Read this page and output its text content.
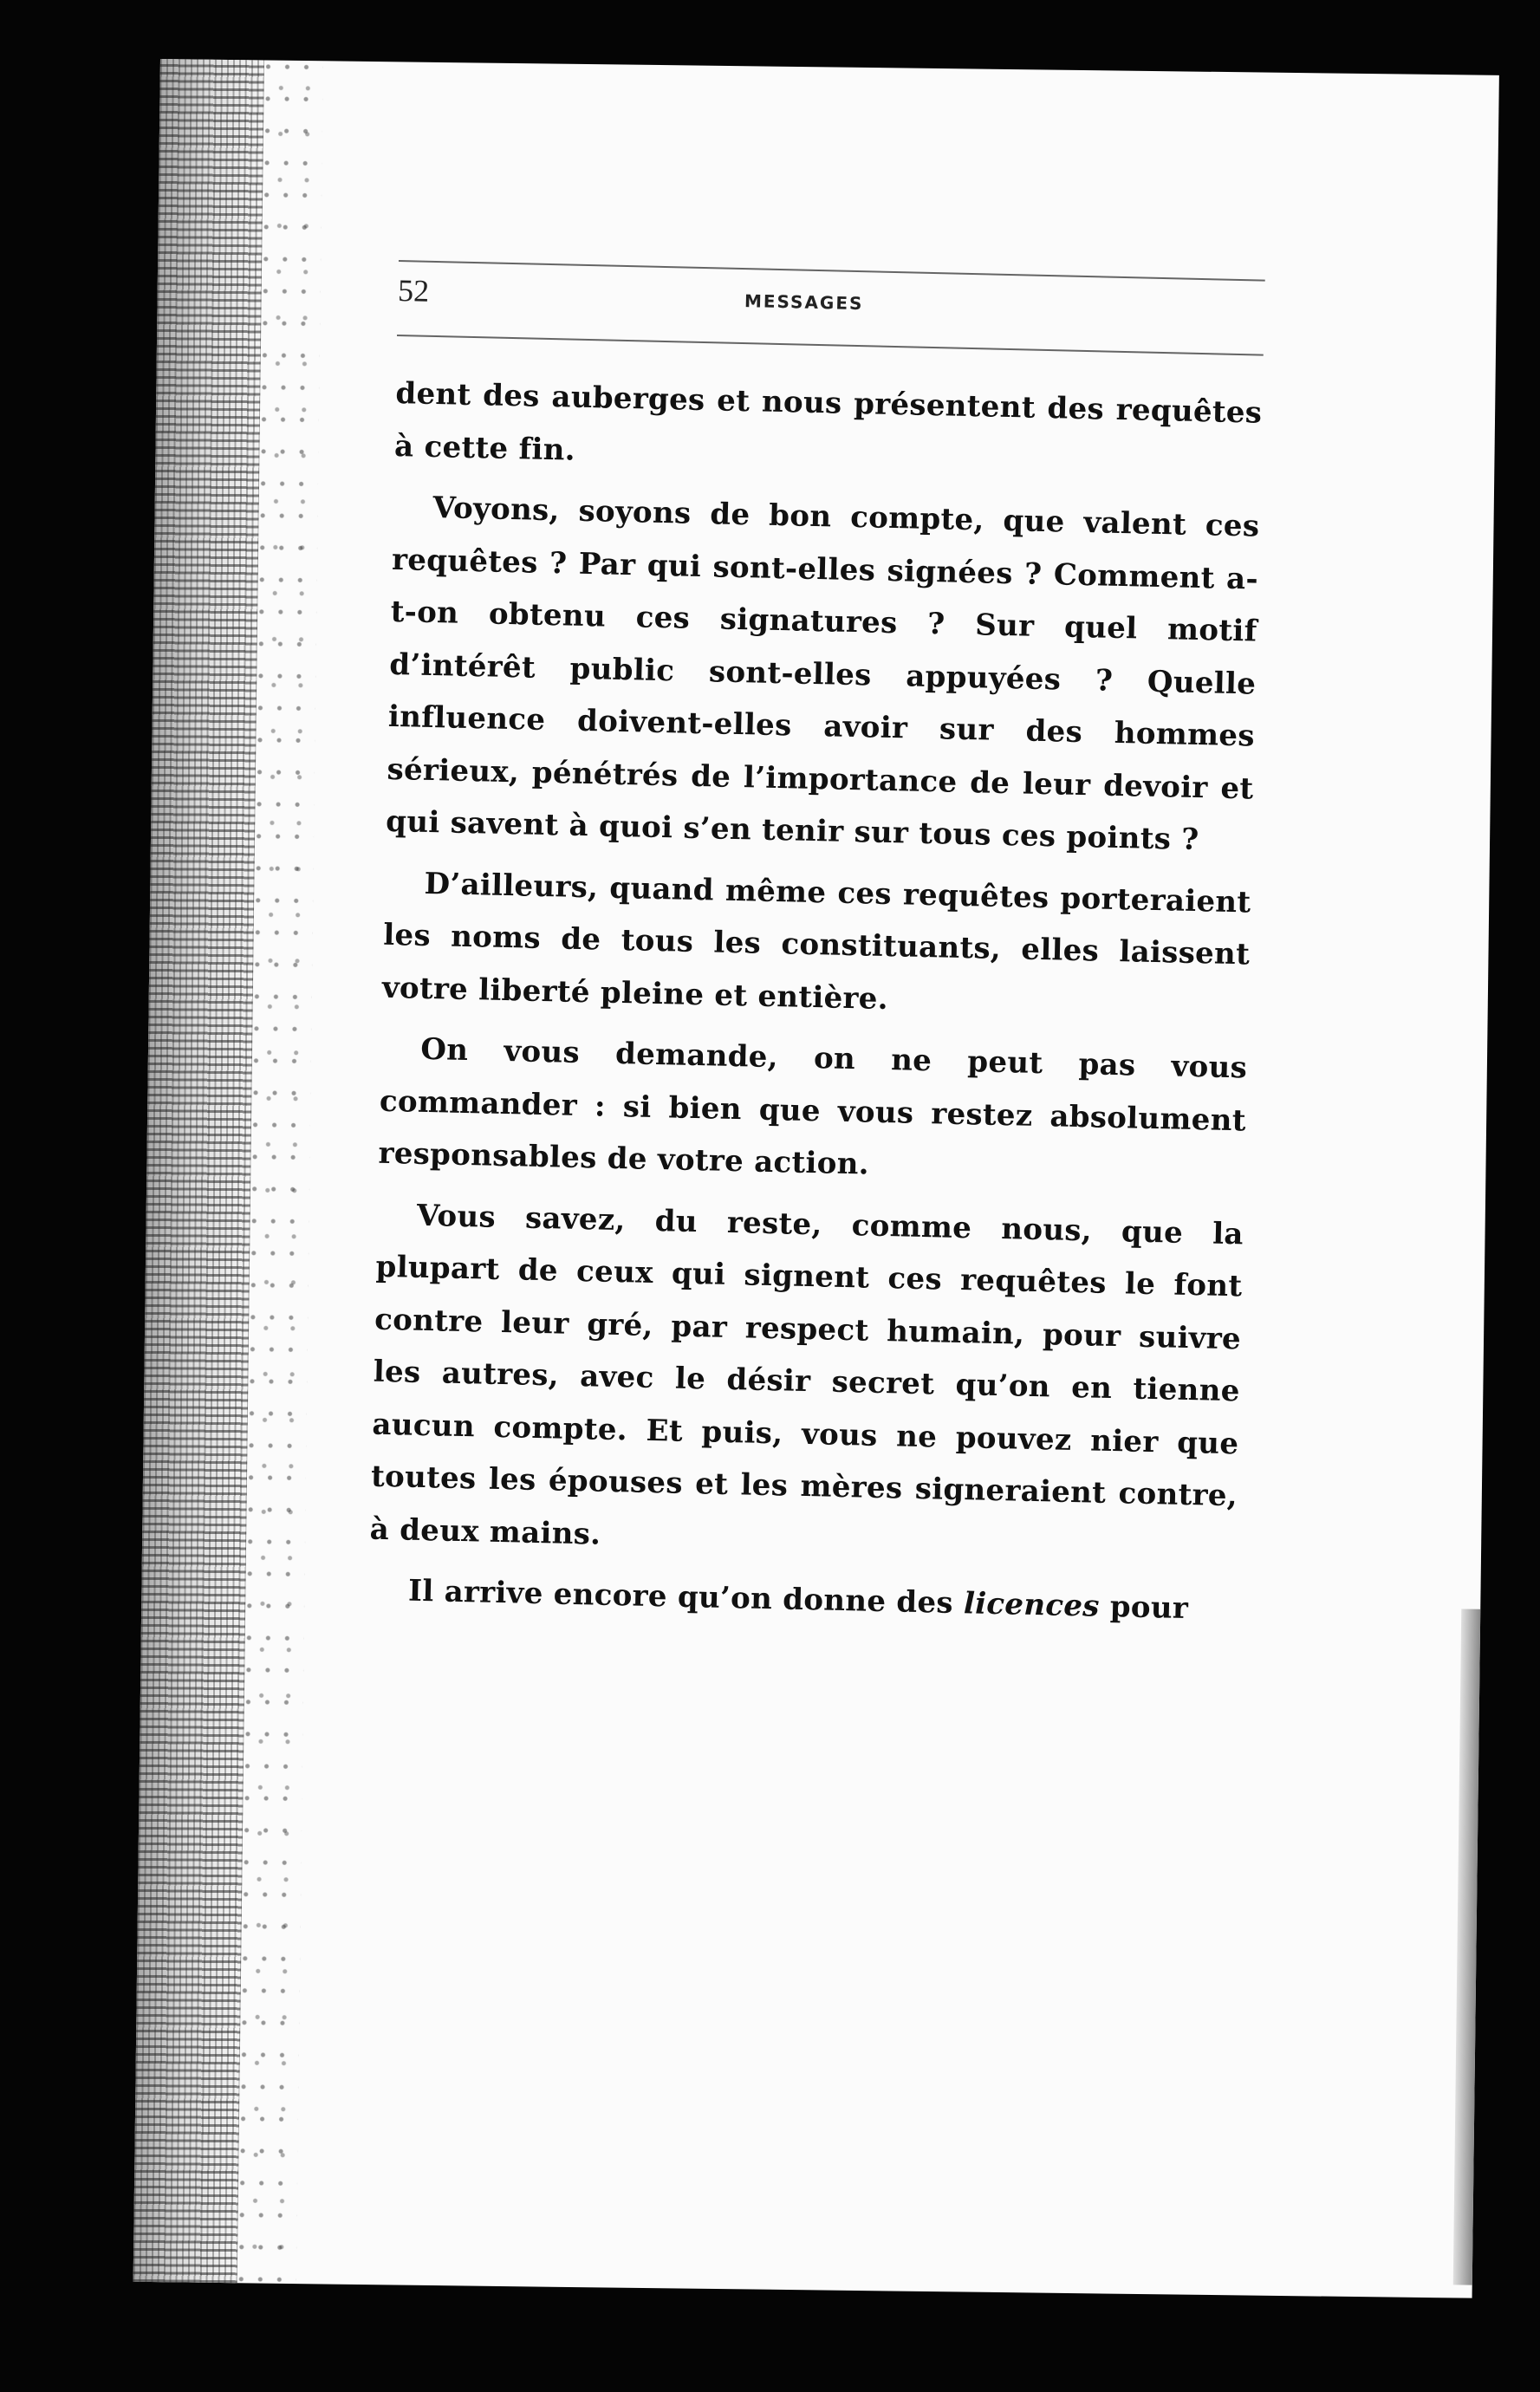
52	MESSAGES

dent des auberges et nous présentent des requêtes à cette fin.

Voyons, soyons de bon compte, que valent ces requêtes ? Par qui sont-elles signées ? Comment a-t-on obtenu ces signatures ? Sur quel motif d’intérêt public sont-elles appuyées ? Quelle influence doivent-elles avoir sur des hommes sérieux, pénétrés de l’importance de leur devoir et qui savent à quoi s’en tenir sur tous ces points ?

D’ailleurs, quand même ces requêtes porteraient les noms de tous les constituants, elles laissent votre liberté pleine et entière.

On vous demande, on ne peut pas vous commander : si bien que vous restez absolument responsables de votre action.

Vous savez, du reste, comme nous, que la plupart de ceux qui signent ces requêtes le font contre leur gré, par respect humain, pour suivre les autres, avec le désir secret qu’on en tienne aucun compte. Et puis, vous ne pouvez nier que toutes les épouses et les mères signeraient contre, à deux mains.

Il arrive encore qu’on donne des licences pour
